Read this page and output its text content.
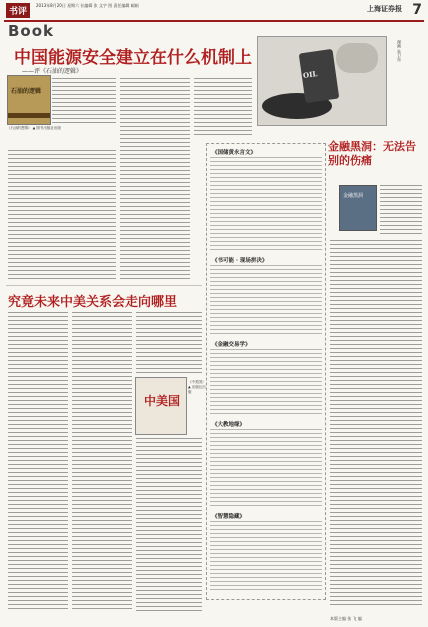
书评
2013年8月20日 星期六 社编辑 张 文字 图 责任编辑 邮箱	上海证券报 7
Book
中国能源安全建立在什么机制上
——评《石油的逻辑》
石油的逻辑
《石油的逻辑》 ▲ 图书出版社出版
OIL
漫画 朱卫东
金融黑洞：无法告别的伤痛
金融黑洞
《国储黄永言文》
《书可能 · 现场拼决》
《金融交易学》
《大教地缘》
《智慧隐藏》
究竟未来中美关系会走向哪里
中美国
《中美国》 ▲ 出版社出版
本版主编 张 飞 编
